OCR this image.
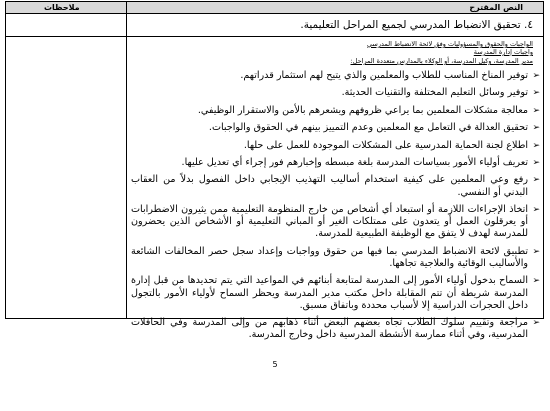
النص المقترح
ملاحظات
٤. تحقيق الانضباط المدرسي لجميع المراحل التعليمية.
الواجبات والحقوق والمسؤوليات وفق لائحة الانضباط المدرسي
واجبات إدارة المدرسة
مدير المدرسة، وكيل المدرسة، أو الوكلاء بالمدارس متعددة المراحل:
➢
توفير المناخ المناسب للطلاب والمعلمين والذي يتيح لهم استثمار قدراتهم.
➢
توفير وسائل التعليم المختلفة والتقنيات الحديثة.
➢
معالجة مشكلات المعلمين بما يراعي ظروفهم ويشعرهم بالأمن والاستقرار الوظيفي.
➢
تحقيق العدالة في التعامل مع المعلمين وعدم التمييز بينهم في الحقوق والواجبات.
➢
اطلاع لجنة الحماية المدرسية على المشكلات الموجودة للعمل على حلها.
➢
تعريف أولياء الأمور بسياسات المدرسة بلغة مبسطه وإخبارهم فور إجراء أي تعديل عليها.
➢
رفع وعي المعلمين على كيفية استخدام أساليب التهذيب الإيجابي داخل الفصول بدلاً من العقاب البدني أو النفسي.
➢
اتخاذ الإجراءات اللازمة أو استبعاد أي أشخاص من خارج المنظومة التعليمية ممن يثيرون الاضطرابات أو يعرقلون العمل أو يتعدون على ممتلكات الغير أو المباني التعليمية أو الأشخاص الذين يحضرون للمدرسة لهدف لا يتفق مع الوظيفة الطبيعية للمدرسة.
➢
تطبيق لائحة الانضباط المدرسي بما فيها من حقوق وواجبات وإعداد سجل حصر المخالفات الشائعة والأساليب الوقائية والعلاجية تجاهها.
➢
السماح بدخول أولياء الأمور إلى المدرسة لمتابعة أبنائهم في المواعيد التي يتم تحديدها من قبل إدارة المدرسة شريطة أن تتم المقابلة داخل مكتب مدير المدرسة ويحظر السماح لأولياء الأمور بالتجول داخل الحجرات الدراسية إلا لأسباب محددة وباتفاق مسبق.
➢
مراجعة وتقييم سلوك الطلاب تجاه بعضهم البعض أثناء ذهابهم من وإلى المدرسة وفي الحافلات المدرسية، وفي أثناء ممارسة الأنشطة المدرسية داخل وخارج المدرسة.
5
